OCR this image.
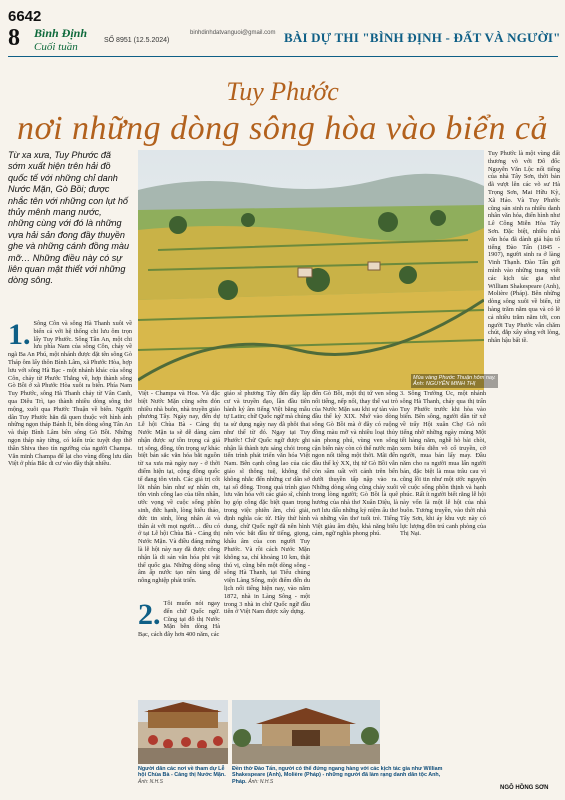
6642
8 Bình Định
Cuối tuần
SỐ 8951 (12.5.2024)
binhdinhdatvanguoi@gmail.com BÀI DỰ THI "BÌNH ĐỊNH - ĐẤT VÀ NGƯỜI"
Tuy Phước
nơi những dòng sông hòa vào biển cả
Từ xa xưa, Tuy Phước đã sớm xuất hiện trên hải đồ quốc tế với những chỉ danh Nước Mặn, Gò Bồi; được nhắc tên với những con lụt hố thủy mênh mang nước, những cùng với đó là những vựa hải sản đong đầy thuyền ghe và những cánh đồng màu mỡ… Những điều này có sự liên quan mật thiết với những dòng sông.
Mùa vàng Phước Thuận hôm nay.
Ảnh: NGUYỄN MINH THỊ
1. Sông Côn và sông Hà Thanh xuôi về biển cả với hệ thống chi lưu ôm trọn lấy Tuy Phước. Sông Tân An, một chi lưu phía Nam của sông Côn, chảy về ngã Ba An Phú, một nhánh được đặt tên sông Gò Tháp ôm lấy thôn Bình Lâm, xã Phước Hòa, hợp lưu với sông Hà Bạc - một nhánh khác của sông Côn, chảy từ Phước Thắng về, hợp thành sông Gò Bồi ở xã Phước Hòa xuôi ra biển. Phía Nam Tuy Phước, sông Hà Thanh chảy từ Vân Canh, qua Diêu Trì, tạo thành nhiều dòng sông thơ mộng, xuôi qua Phước Thuận về biển. Người dân Tuy Phước hẳn đã quen thuộc với hình ảnh những ngọn tháp Bánh Ít, bên dòng sông Tân An và tháp Bình Lâm bên sông Gò Bồi. Những ngọn tháp này từng, có kiến trúc tuyệt đẹp thờ thần Shiva theo tín ngưỡng của người Champa. Văn minh Champa để lại cho vùng đồng lưu dân Việt ở phía Bắc di cư vào đây thật nhiều.
Việt - Champa và Hoa. Và đặc biệt Nước Mặn cũng sớm đón nhiều nhà buôn, nhà truyền giáo phương Tây. Ngày nay, đến dự Lễ hội Chùa Bà - Cảng thị Nước Mặn ta sẽ dễ dàng cảm nhận được sự tồn trọng cả giá trị sông, đồng, tôn trọng sự khác biệt bản sắc văn hóa bắt nguồn từ xa xưa mà ngày nay - ở thời điểm hiện tại, cộng đồng quốc tế đang tôn vinh. Các giá trị cốt lõi nhân bản như sự nhân ơn, tôn vinh công lao của tiền nhân, ước vọng về cuộc sống phồn sinh, đức hạnh, lòng hiếu thảo, đức tin sinh, lòng nhân ái và thân ái với mọi người… đều có ở tại Lễ hội Chùa Bà - Cảng thị Nước Mặn. Và điều đáng mừng là lễ hội này nay đã được công nhận là di sản văn hóa phi vật thể quốc gia. Những dòng sông âm ấp nước tạo nên tảng để nông nghiệp phát triển.
2. Tôi muốn nói ngay đến chữ Quốc ngữ. Cũng tại đô thị Nước Mặn bên dòng Hà Bạc, cách đây hơn 400 năm, các
giáo sĩ phương Tây đến đây lập cư và truyền đạo, lần đầu tiên hành ký âm tiếng Việt bằng mẫu tự Latin; chữ Quốc ngữ mà chúng ta sử dụng ngày nay đã phôi thai như thế từ đó. Ngay tại Tuy Phước! Chữ Quốc ngữ được ghi nhận là thành tựu sáng chói trong tiến trình phát triển văn hóa Việt Nam. Bên cạnh công lao của các giáo sĩ thông tuệ, không thể không nhắc đến những cư dân sở tại số đông. Trong quá trình giao lưu văn hóa với các giáo sĩ, chính họ góp công đặc biệt quan trọng trong việc phiên âm, chú giải, định nghĩa các từ. Hãy thử hình dung, chữ Quốc ngữ đã nên hình nên vóc bắt đầu từ tiếng, giọng, khẩu âm của con người Tuy Phước. Và rồi cách Nước Mặn không xa, chỉ khoảng 10 km, thật thú vị, cũng bên một dòng sông - sông Hà Thanh, tại Tiểu chủng viện Làng Sông, một điểm đến du lịch nổi tiếng hiện nay, vào năm 1872, nhà in Làng Sông - một trong 3 nhà in chữ Quốc ngữ đầu tiên ở Việt Nam được xây dựng.
đến Gò Bồi, một thị tứ ven sông nổi tiếng, nếp nổi, thay thế vai trò của Nước Mặn sau khi sự tàn vào đầu thế kỷ XIX. Nhớ vào dòng sông Gò Bồi mà ở đây có ruộng đồng màu mỡ và nhiều loại thủy sản phong phú, vùng ven sông cận biển này còn có thể nước mặn ngon nổi tiếng một thời. Mãi đến đầu thế kỷ XX, thị tứ Gò Bồi vẫn còn sầm uất với cảnh trên bến dưới thuyền tấp nập vào ra. Những dòng sông cũng chảy xuôi trong lòng người; Gò Bồi là quê hương của nhà thơ Xuân Diệu, là nơi lưu dấu những kỷ niệm ấu thơ và những vần thơ tuổi trẻ. Tiếng Việt giàu âm điệu, khả năng biểu cảm, ngữ nghĩa phong phú.
3. Sông Trường Úc, một nhánh sông Hà Thanh, chảy qua thị trấn Tuy Phước trước khi hòa vào biển. Bên sông, người dân từ xứ về trẩy Hội xuân Chợ Gò nổi tiếng nhờ những ngày mùng Một tết hàng năm, nghề hò bài chòi, xem biểu diễn võ cổ truyền, cờ người, mua bán lấy may. Đầu năm cho ra người mua lấn người bán, đặc biệt là mua trâu cau vì cũng lồi tin như một ước nguyện về cuộc sống phồn thịnh và hạnh phúc. Rất ít người biết rằng lễ hội này vốn là một lễ hội của nhà buôn. Tương truyền, vào thời nhà Tây Sơn, khi áy khu vực này có lực lượng đồn trú canh phòng của Thị Nại.
Tuy Phước là một vùng đất thương võ với Đô đốc Nguyễn Văn Lộc nổi tiếng của nhà Tây Sơn, thời bản đã vượt lên các võ sư Hà Trọng Sơn, Mai Hữu Kỳ, Xã Hảo. Và Tuy Phước cũng sản sinh ra nhiều danh nhân văn hóa, điển hình như Lê Công Miễn Hòa Tây Sơn. Đặc biệt, nhiều nhà văn hóa đã dành giả hậu tổ tiếng Đào Tấn (1845 - 1907), người sinh ra ở làng Vinh Thạnh. Đào Tấn gửi mình vào những trang viết các kịch tác gia như William Shakespeare (Anh), Molière (Pháp). Bên những dòng sông xuôi về biển, từ hàng trăm năm qua và có lẽ cả nhiều trăm năm tới, con người Tuy Phước vẫn chăm chút, đắp xây sông với lòng, nhân hậu bất tề.
Người dân các nơi về tham dự Lễ hội Chùa Bà - Cảng thị Nước Mặn. Ảnh: N.H.S
Đền thờ Đào Tấn, người có thể đứng ngang hàng với các kịch tác gia như William Shakespeare (Anh), Molière (Pháp) - những người đã làm rạng danh dân tộc Anh, Pháp. Ảnh: N.H.S
NGÔ HỒNG SƠN
